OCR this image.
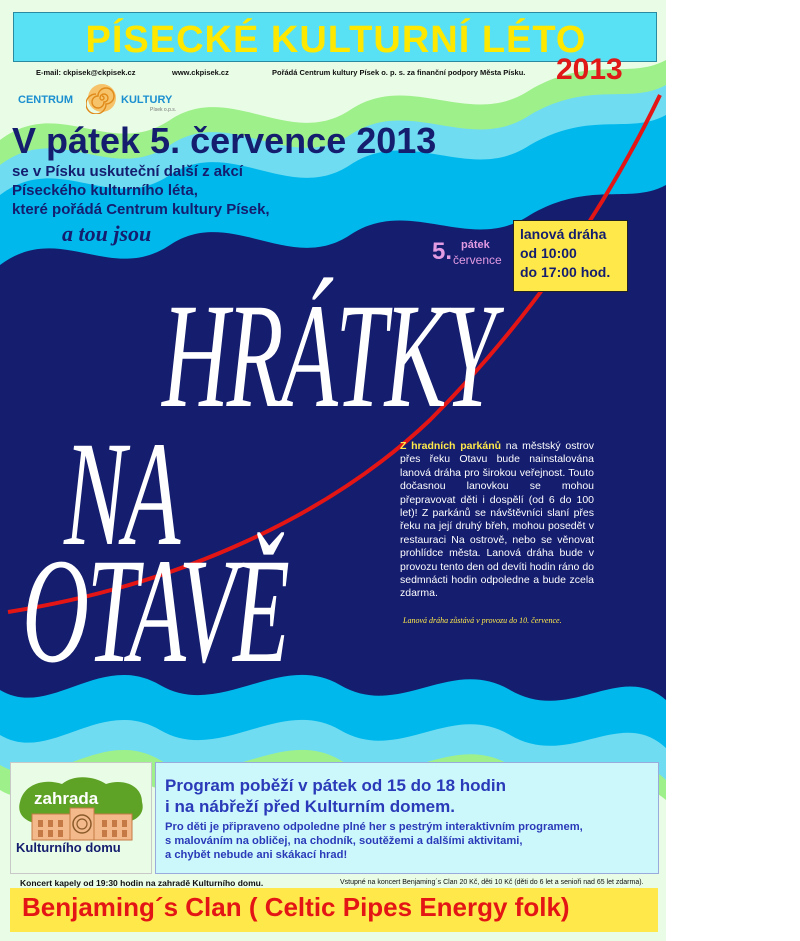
PÍSECKÉ KULTURNÍ LÉTO
2013
E-mail: ckpisek@ckpisek.cz	www.ckpisek.cz	Pořádá Centrum kultury Písek o. p. s. za finanční podpory Města Písku.
CENTRUM	KULTURY
Písek o.p.s.
V pátek 5. července 2013
se v Písku uskuteční další z akcí
Píseckého kulturního léta,
které pořádá Centrum kultury Písek,
a tou jsou
5. pátek
července
lanová dráha
od 10:00
do 17:00 hod.
HRÁTKY
NA
OTAVĚ
Z hradních parkánů na městský ostrov přes řeku Otavu bude nainstalována lanová dráha pro širokou veřejnost. Touto dočasnou lanovkou se mohou přepravovat děti i dospělí (od 6 do 100 let)! Z parkánů se návštěvníci slaní přes řeku na její druhý břeh, mohou posedět v restauraci Na ostrově, nebo se věnovat prohlídce města. Lanová dráha bude v provozu tento den od devíti hodin ráno do sedmnácti hodin odpoledne a bude zcela zdarma.
Lanová dráha zůstává v provozu do 10. července.
zahrada
Kulturního domu
Program poběží v pátek od 15 do 18 hodin
i na nábřeží před Kulturním domem.
Pro děti je připraveno odpoledne plné her s pestrým interaktivním programem,
s malováním na obličej, na chodník, soutěžemi a dalšími aktivitami,
a chybět nebude ani skákací hrad!
Koncert kapely od 19:30 hodin na zahradě Kulturního domu.	Vstupné na koncert Benjaming´s Clan 20 Kč, děti 10 Kč (děti do 6 let a senioři nad 65 let zdarma).
Benjaming´s Clan ( Celtic Pipes Energy folk)
